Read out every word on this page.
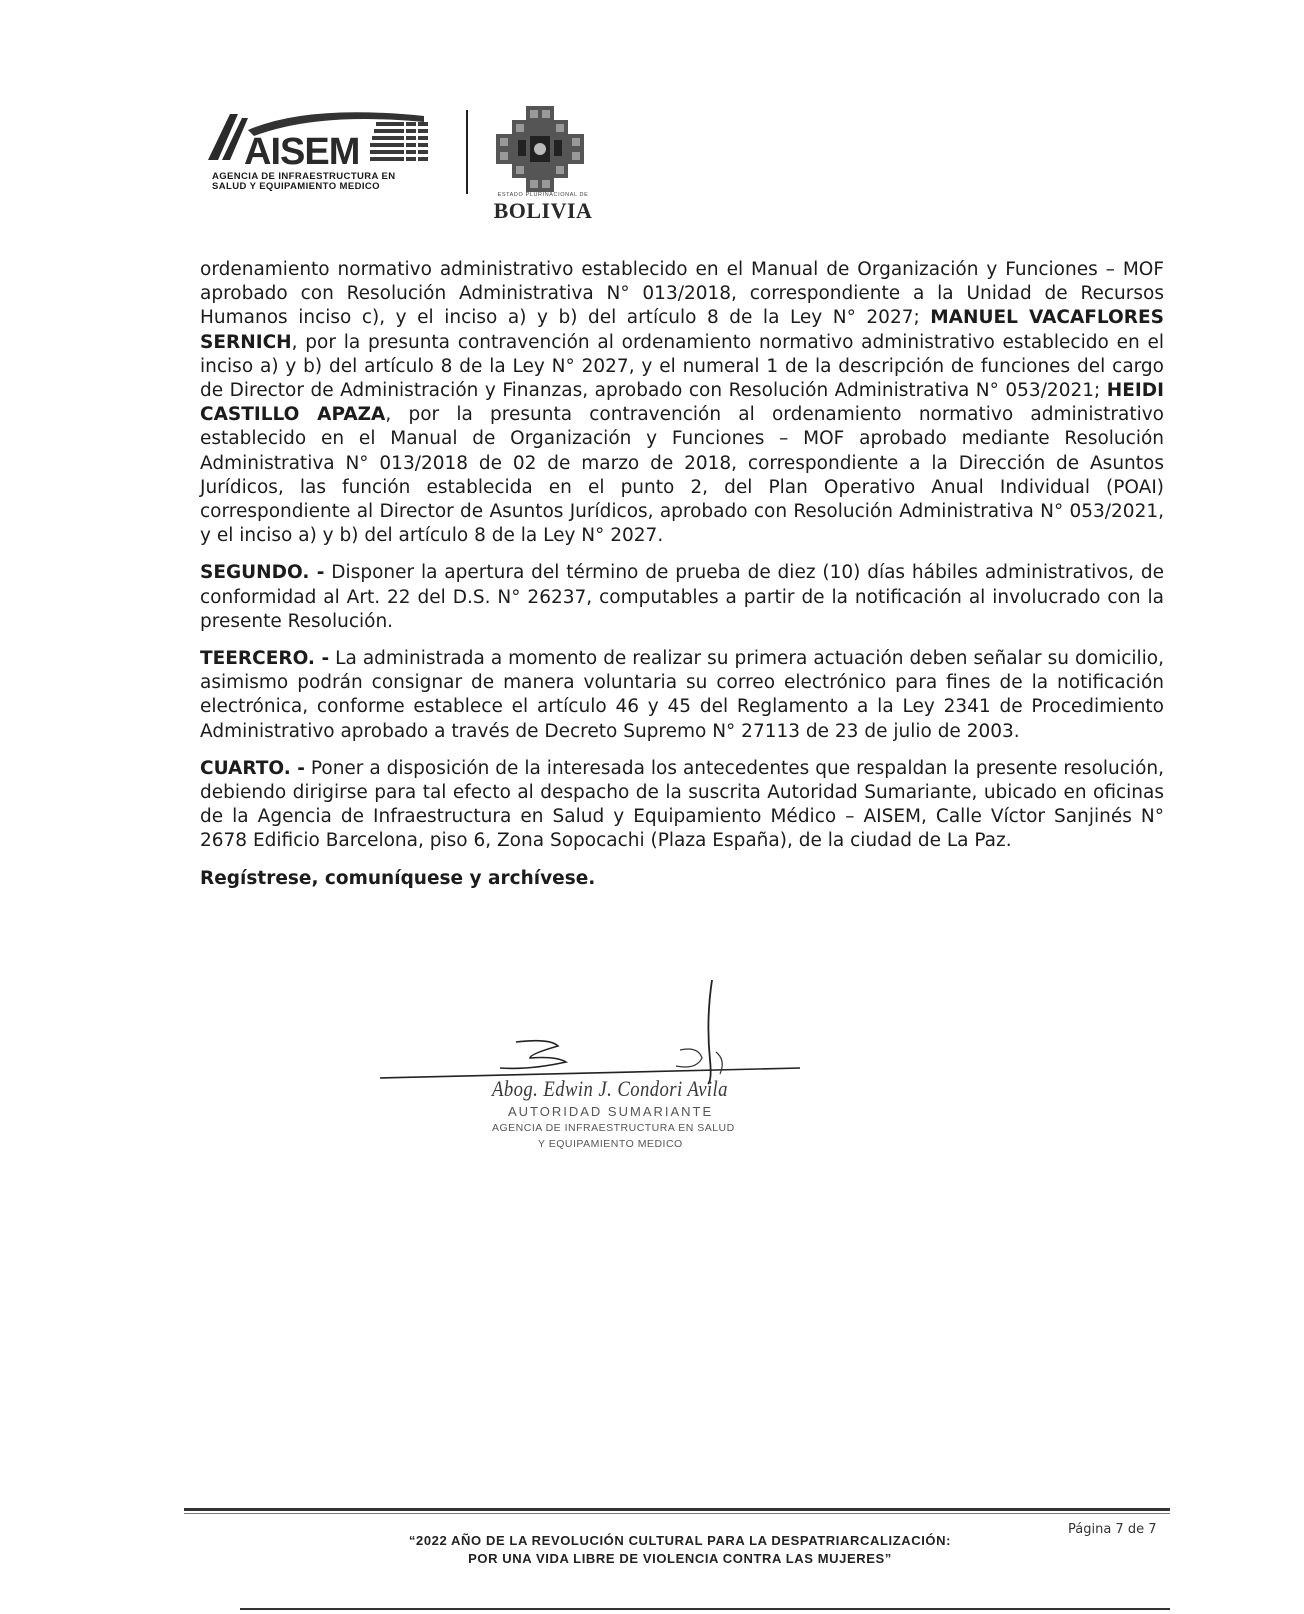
AISEM
AGENCIA DE INFRAESTRUCTURA EN
SALUD Y EQUIPAMIENTO MEDICO
ESTADO PLURINACIONAL DE
BOLIVIA

ordenamiento normativo administrativo establecido en el Manual de Organización y Funciones – MOF aprobado con Resolución Administrativa N° 013/2018, correspondiente a la Unidad de Recursos Humanos inciso c), y el inciso a) y b) del artículo 8 de la Ley N° 2027; MANUEL VACAFLORES SERNICH, por la presunta contravención al ordenamiento normativo administrativo establecido en el inciso a) y b) del artículo 8 de la Ley N° 2027, y el numeral 1 de la descripción de funciones del cargo de Director de Administración y Finanzas, aprobado con Resolución Administrativa N° 053/2021; HEIDI CASTILLO APAZA, por la presunta contravención al ordenamiento normativo administrativo establecido en el Manual de Organización y Funciones – MOF aprobado mediante Resolución Administrativa N° 013/2018 de 02 de marzo de 2018, correspondiente a la Dirección de Asuntos Jurídicos, las función establecida en el punto 2, del Plan Operativo Anual Individual (POAI) correspondiente al Director de Asuntos Jurídicos, aprobado con Resolución Administrativa N° 053/2021, y el inciso a) y b) del artículo 8 de la Ley N° 2027.

SEGUNDO. - Disponer la apertura del término de prueba de diez (10) días hábiles administrativos, de conformidad al Art. 22 del D.S. N° 26237, computables a partir de la notificación al involucrado con la presente Resolución.

TEERCERO. - La administrada a momento de realizar su primera actuación deben señalar su domicilio, asimismo podrán consignar de manera voluntaria su correo electrónico para fines de la notificación electrónica, conforme establece el artículo 46 y 45 del Reglamento a la Ley 2341 de Procedimiento Administrativo aprobado a través de Decreto Supremo N° 27113 de 23 de julio de 2003.

CUARTO. - Poner a disposición de la interesada los antecedentes que respaldan la presente resolución, debiendo dirigirse para tal efecto al despacho de la suscrita Autoridad Sumariante, ubicado en oficinas de la Agencia de Infraestructura en Salud y Equipamiento Médico – AISEM, Calle Víctor Sanjinés N° 2678 Edificio Barcelona, piso 6, Zona Sopocachi (Plaza España), de la ciudad de La Paz.

Regístrese, comuníquese y archívese.
Abog. Edwin J. Condori Avila
AUTORIDAD SUMARIANTE
AGENCIA DE INFRAESTRUCTURA EN SALUD
Y EQUIPAMIENTO MEDICO
Página 7 de 7
“2022 AÑO DE LA REVOLUCIÓN CULTURAL PARA LA DESPATRIARCALIZACIÓN:
POR UNA VIDA LIBRE DE VIOLENCIA CONTRA LAS MUJERES”
